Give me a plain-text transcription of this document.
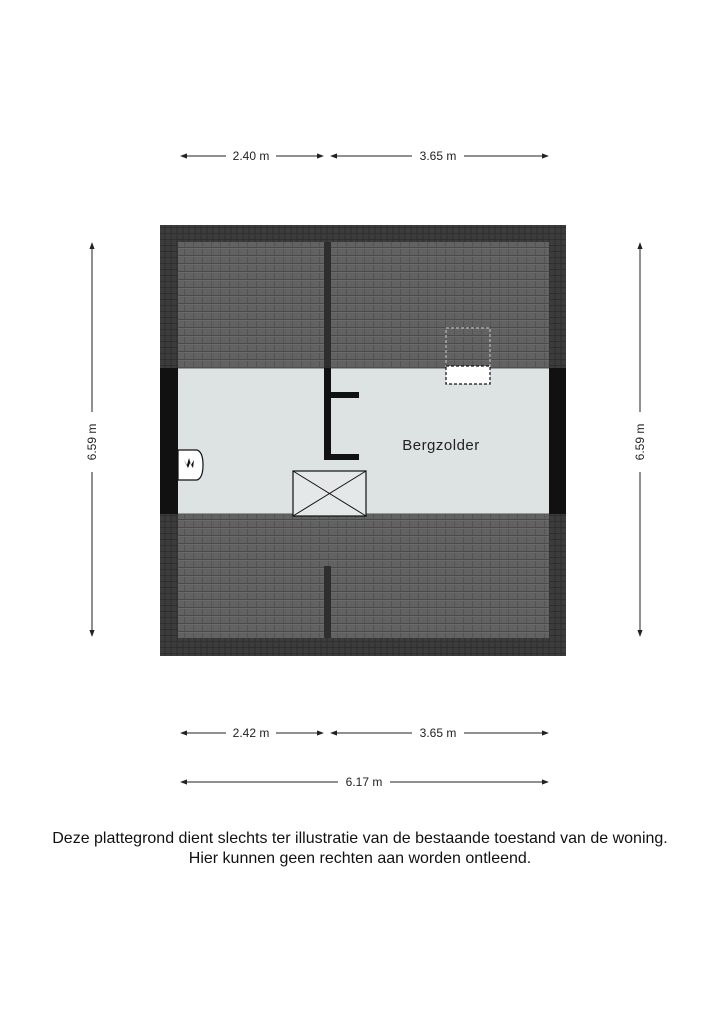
2.40 m	3.65 m
6.59 m	6.59 m
Bergzolder
2.42 m	3.65 m
6.17 m
Deze plattegrond dient slechts ter illustratie van de bestaande toestand van de woning.
Hier kunnen geen rechten aan worden ontleend.
